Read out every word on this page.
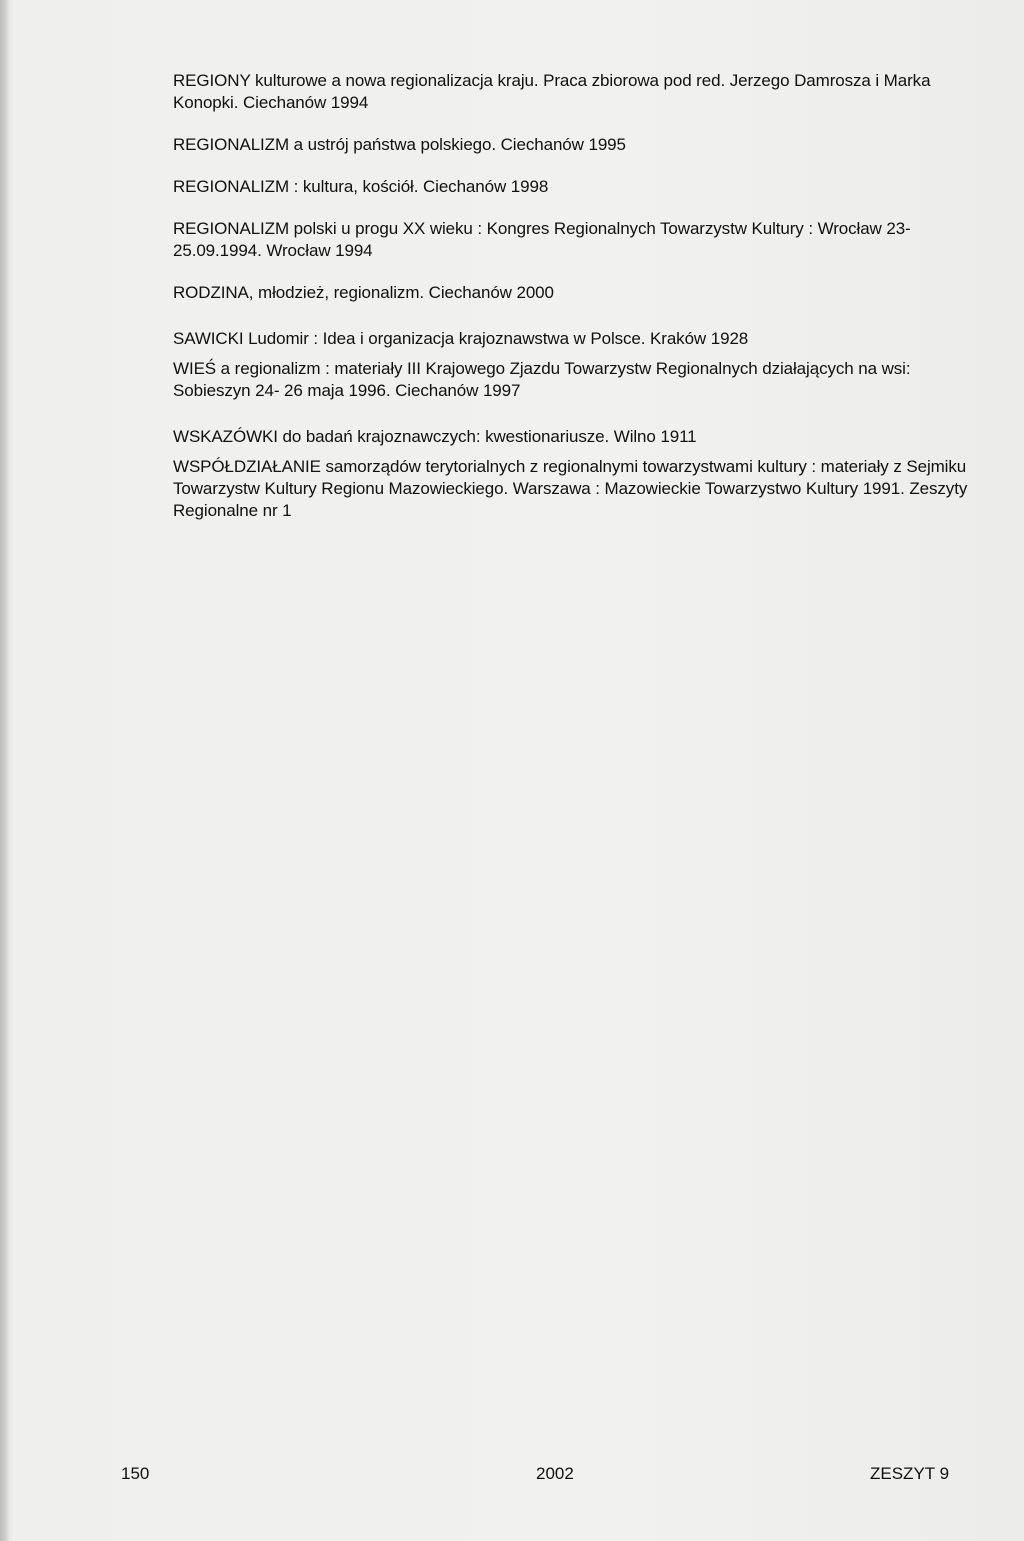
REGIONY kulturowe a nowa regionalizacja kraju. Praca zbiorowa pod red. Jerzego Damrosza i Marka Konopki. Ciechanów 1994
REGIONALIZM a ustrój państwa polskiego. Ciechanów 1995
REGIONALIZM : kultura, kościół. Ciechanów 1998
REGIONALIZM polski u progu XX wieku : Kongres Regionalnych Towarzystw Kultury : Wrocław 23-25.09.1994. Wrocław 1994
RODZINA, młodzież, regionalizm. Ciechanów 2000
SAWICKI Ludomir : Idea i organizacja krajoznawstwa w Polsce. Kraków 1928
WIEŚ a regionalizm : materiały III Krajowego Zjazdu Towarzystw Regionalnych działających na wsi: Sobieszyn 24- 26 maja 1996. Ciechanów 1997
WSKAZÓWKI do badań krajoznawczych: kwestionariusze. Wilno 1911
WSPÓŁDZIAŁANIE samorządów terytorialnych z regionalnymi towarzystwami kultury : materiały z Sejmiku Towarzystw Kultury Regionu Mazowieckiego. Warszawa : Mazowieckie Towarzystwo Kultury 1991. Zeszyty Regionalne nr 1
150	2002	ZESZYT 9
